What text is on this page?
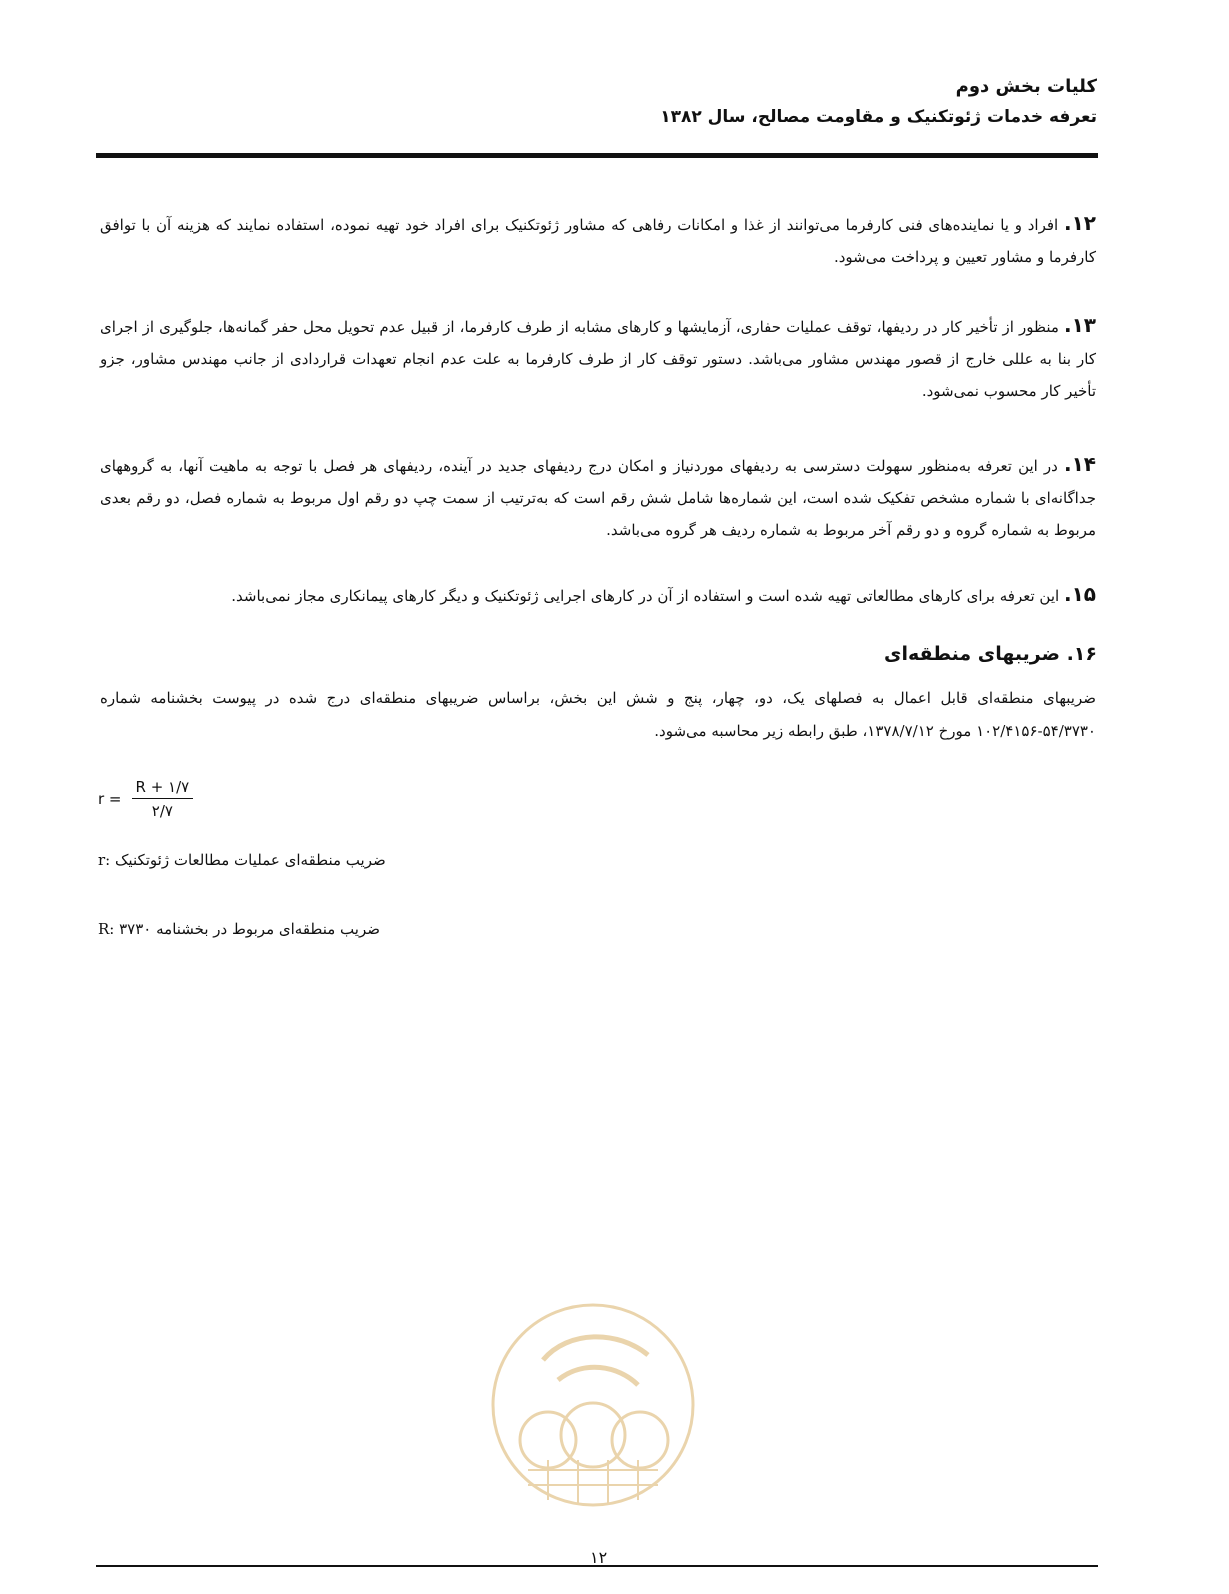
کلیات بخش دوم
تعرفه خدمات ژئوتکنیک و مقاومت مصالح، سال ۱۳۸۲
۱۲. افراد و یا نماینده‌های فنی کارفرما می‌توانند از غذا و امکانات رفاهی که مشاور ژئوتکنیک برای افراد خود تهیه نموده، استفاده نمایند که هزینه آن با توافق کارفرما و مشاور تعیین و پرداخت می‌شود.
۱۳. منظور از تأخیر کار در ردیفها، توقف عملیات حفاری، آزمایشها و کارهای مشابه از طرف کارفرما، از قبیل عدم تحویل محل حفر گمانه‌ها، جلوگیری از اجرای کار بنا به عللی خارج از قصور مهندس مشاور می‌باشد. دستور توقف کار از طرف کارفرما به علت عدم انجام تعهدات قراردادی از جانب مهندس مشاور، جزو تأخیر کار محسوب نمی‌شود.
۱۴. در این تعرفه به‌منظور سهولت دسترسی به ردیفهای موردنیاز و امکان درج ردیفهای جدید در آینده، ردیفهای هر فصل با توجه به ماهیت آنها، به گروههای جداگانه‌ای با شماره مشخص تفکیک شده است، این شماره‌ها شامل شش رقم است که به‌ترتیب از سمت چپ دو رقم اول مربوط به شماره فصل، دو رقم بعدی مربوط به شماره گروه و دو رقم آخر مربوط به شماره ردیف هر گروه می‌باشد.
۱۵. این تعرفه برای کارهای مطالعاتی تهیه شده است و استفاده از آن در کارهای اجرایی ژئوتکنیک و دیگر کارهای پیمانکاری مجاز نمی‌باشد.
۱۶. ضریبهای منطقه‌ای
ضریبهای منطقه‌ای قابل اعمال به فصلهای یک، دو، چهار، پنج و شش این بخش، براساس ضریبهای منطقه‌ای درج شده در پیوست بخشنامه شماره ۵۴/۳۷۳۰-۱۰۲/۴۱۵۶ مورخ ۱۳۷۸/۷/۱۲، طبق رابطه زیر محاسبه می‌شود.
$r = \frac{R + ۱/۷}{۲/۷}$
ضریب منطقه‌ای عملیات مطالعات ژئوتکنیک :r
ضریب منطقه‌ای مربوط در بخشنامه ۳۷۳۰ :R
۱۲
